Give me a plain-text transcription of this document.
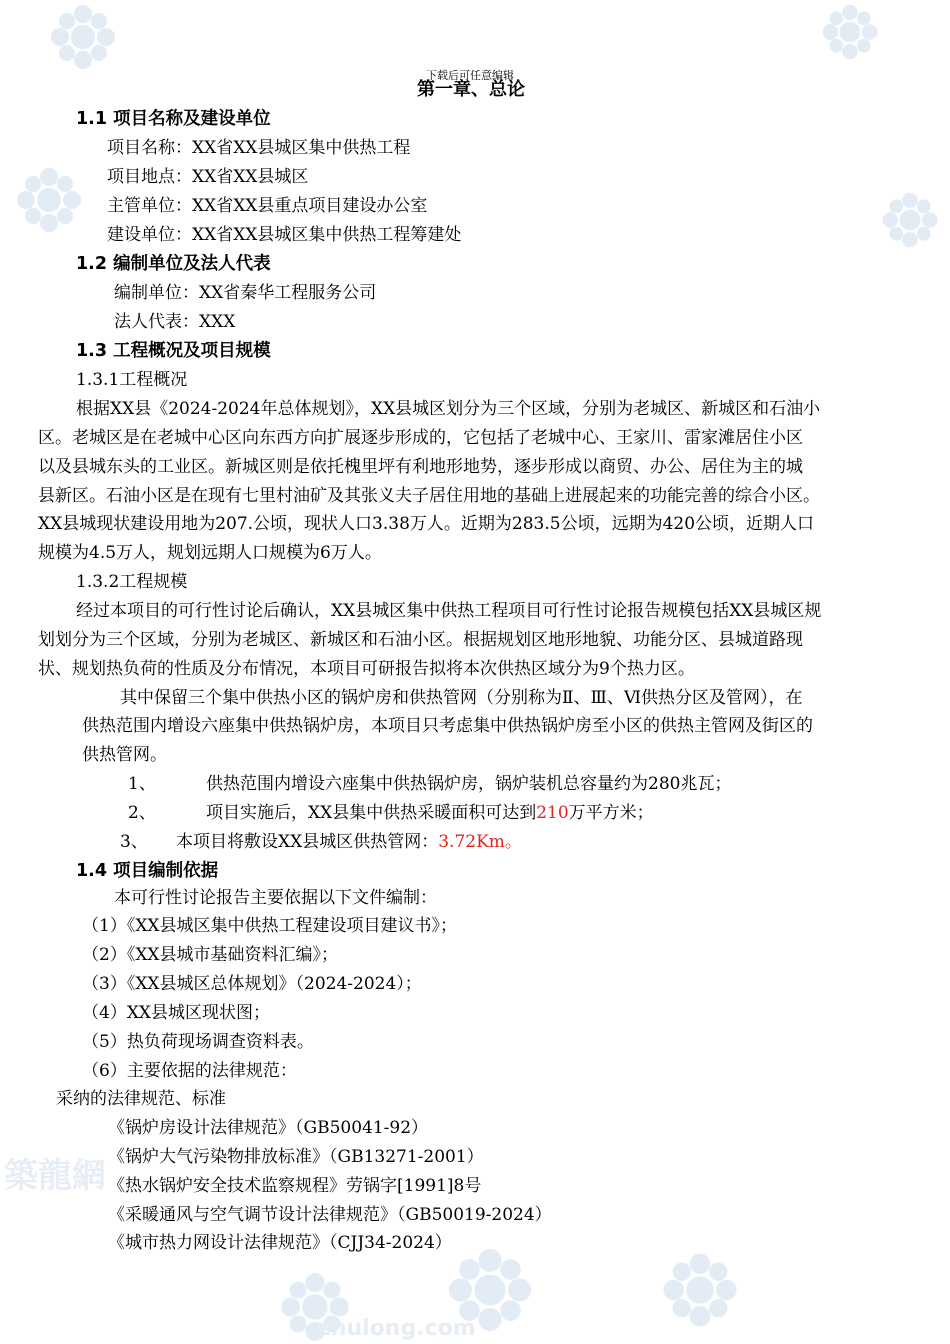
築龍網
zhulong.com
下载后可任意编辑
第一章、总论
1.1 项目名称及建设单位
项目名称：XX省XX县城区集中供热工程
项目地点：XX省XX县城区
主管单位：XX省XX县重点项目建设办公室
建设单位：XX省XX县城区集中供热工程筹建处
1.2 编制单位及法人代表
编制单位：XX省秦华工程服务公司
法人代表：XXX
1.3 工程概况及项目规模
1.3.1工程概况
根据XX县《2024-2024年总体规划》，XX县城区划分为三个区域，分别为老城区、新城区和石油小
区。老城区是在老城中心区向东西方向扩展逐步形成的，它包括了老城中心、王家川、雷家滩居住小区
以及县城东头的工业区。新城区则是依托槐里坪有利地形地势，逐步形成以商贸、办公、居住为主的城
县新区。石油小区是在现有七里村油矿及其张义夫子居住用地的基础上进展起来的功能完善的综合小区。
XX县城现状建设用地为207.公顷，现状人口3.38万人。近期为283.5公顷，远期为420公顷，近期人口
规模为4.5万人，规划远期人口规模为6万人。
1.3.2工程规模
经过本项目的可行性讨论后确认，XX县城区集中供热工程项目可行性讨论报告规模包括XX县城区规
划划分为三个区域，分别为老城区、新城区和石油小区。根据规划区地形地貌、功能分区、县城道路现
状、规划热负荷的性质及分布情况，本项目可研报告拟将本次供热区域分为9个热力区。
其中保留三个集中供热小区的锅炉房和供热管网（分别称为Ⅱ、Ⅲ、Ⅵ供热分区及管网），在
供热范围内增设六座集中供热锅炉房，本项目只考虑集中供热锅炉房至小区的供热主管网及街区的
供热管网。
1、	供热范围内增设六座集中供热锅炉房，锅炉装机总容量约为280兆瓦；
2、	项目实施后，XX县集中供热采暖面积可达到210万平方米；
3、 本项目将敷设XX县城区供热管网：3.72Km。
1.4 项目编制依据
本可行性讨论报告主要依据以下文件编制：
（1）《XX县城区集中供热工程建设项目建议书》；
（2）《XX县城市基础资料汇编》；
（3）《XX县城区总体规划》（2024-2024）；
（4）XX县城区现状图；
（5）热负荷现场调查资料表。
（6）主要依据的法律规范：
采纳的法律规范、标准
《锅炉房设计法律规范》（GB50041-92）
《锅炉大气污染物排放标准》（GB13271-2001）
《热水锅炉安全技术监察规程》劳锅字[1991]8号
《采暖通风与空气调节设计法律规范》（GB50019-2024）
《城市热力网设计法律规范》（CJJ34-2024）
